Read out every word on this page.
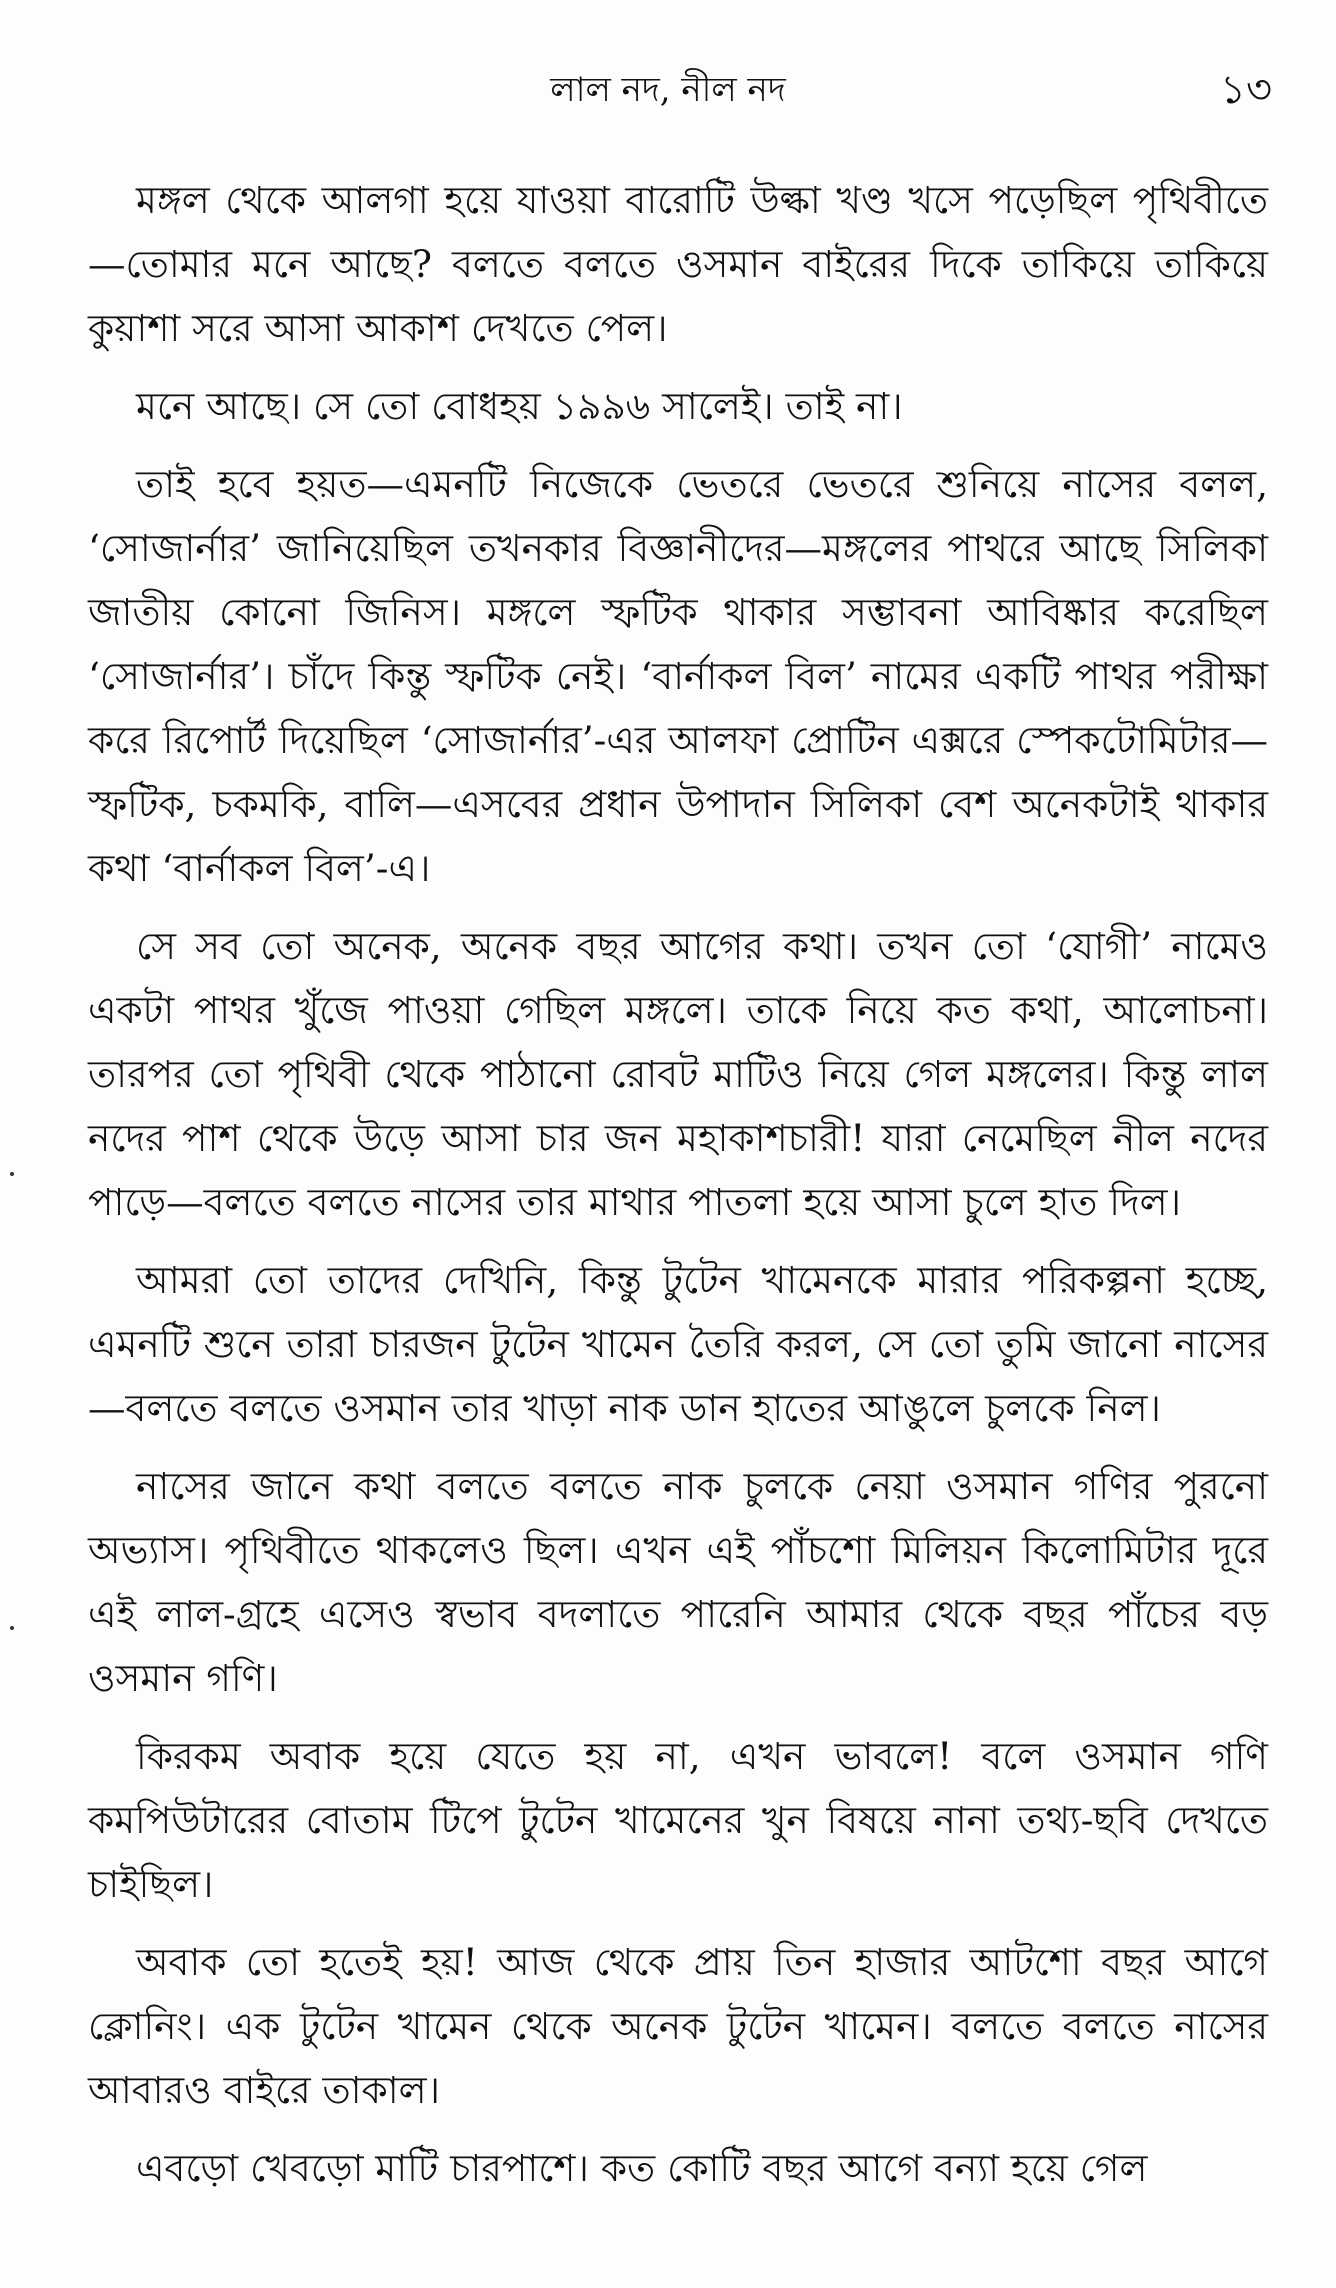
লাল নদ, নীল নদ	১৩

মঙ্গল থেকে আলগা হয়ে যাওয়া বারোটি উল্কা খণ্ড খসে পড়েছিল পৃথিবীতে—তোমার মনে আছে? বলতে বলতে ওসমান বাইরের দিকে তাকিয়ে তাকিয়ে কুয়াশা সরে আসা আকাশ দেখতে পেল।

মনে আছে। সে তো বোধহয় ১৯৯৬ সালেই। তাই না।

তাই হবে হয়ত—এমনটি নিজেকে ভেতরে ভেতরে শুনিয়ে নাসের বলল, ‘সোজার্নার’ জানিয়েছিল তখনকার বিজ্ঞানীদের—মঙ্গলের পাথরে আছে সিলিকা জাতীয় কোনো জিনিস। মঙ্গলে স্ফটিক থাকার সম্ভাবনা আবিষ্কার করেছিল ‘সোজার্নার’। চাঁদে কিন্তু স্ফটিক নেই। ‘বার্নাকল বিল’ নামের একটি পাথর পরীক্ষা করে রিপোর্ট দিয়েছিল ‘সোজার্নার’-এর আলফা প্রোটিন এক্সরে স্পেকটোমিটার—স্ফটিক, চকমকি, বালি—এসবের প্রধান উপাদান সিলিকা বেশ অনেকটাই থাকার কথা ‘বার্নাকল বিল’-এ।

সে সব তো অনেক, অনেক বছর আগের কথা। তখন তো ‘যোগী’ নামেও একটা পাথর খুঁজে পাওয়া গেছিল মঙ্গলে। তাকে নিয়ে কত কথা, আলোচনা। তারপর তো পৃথিবী থেকে পাঠানো রোবট মাটিও নিয়ে গেল মঙ্গলের। কিন্তু লাল নদের পাশ থেকে উড়ে আসা চার জন মহাকাশচারী! যারা নেমেছিল নীল নদের পাড়ে—বলতে বলতে নাসের তার মাথার পাতলা হয়ে আসা চুলে হাত দিল।

আমরা তো তাদের দেখিনি, কিন্তু টুটেন খামেনকে মারার পরিকল্পনা হচ্ছে, এমনটি শুনে তারা চারজন টুটেন খামেন তৈরি করল, সে তো তুমি জানো নাসের—বলতে বলতে ওসমান তার খাড়া নাক ডান হাতের আঙুলে চুলকে নিল।

নাসের জানে কথা বলতে বলতে নাক চুলকে নেয়া ওসমান গণির পুরনো অভ্যাস। পৃথিবীতে থাকলেও ছিল। এখন এই পাঁচশো মিলিয়ন কিলোমিটার দূরে এই লাল-গ্রহে এসেও স্বভাব বদলাতে পারেনি আমার থেকে বছর পাঁচের বড় ওসমান গণি।

কিরকম অবাক হয়ে যেতে হয় না, এখন ভাবলে! বলে ওসমান গণি কমপিউটারের বোতাম টিপে টুটেন খামেনের খুন বিষয়ে নানা তথ্য-ছবি দেখতে চাইছিল।

অবাক তো হতেই হয়! আজ থেকে প্রায় তিন হাজার আটশো বছর আগে ক্লোনিং। এক টুটেন খামেন থেকে অনেক টুটেন খামেন। বলতে বলতে নাসের আবারও বাইরে তাকাল।

এবড়ো খেবড়ো মাটি চারপাশে। কত কোটি বছর আগে বন্যা হয়ে গেল
